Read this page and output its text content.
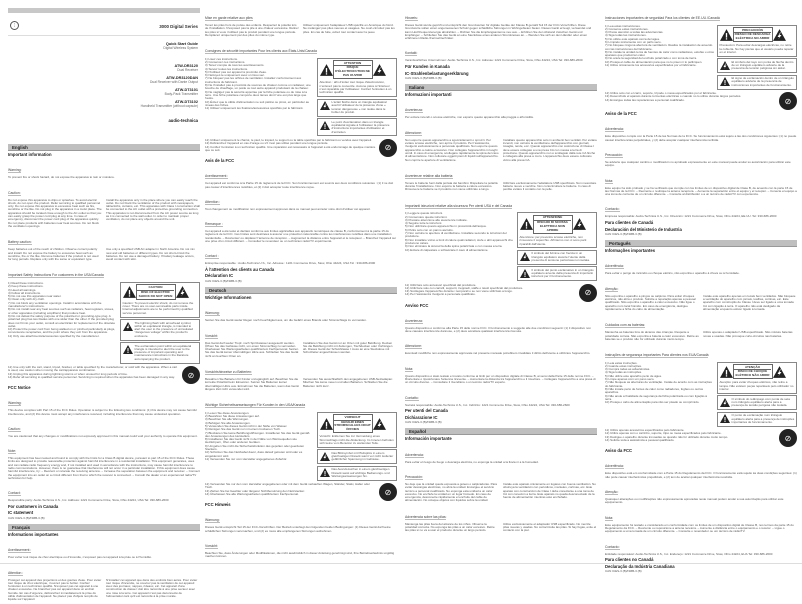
⫶	3000 Digital Series
Quick Start Guide
Digital Wireless System
ATW-DR3120
Dual Receiver
ATW-DR3120DAN
Dual Receiver with Dante Output
ATW-DT3101
Body-Pack Transmitter
ATW-DT3102
Handheld Transmitter (without capsule)
audio-technica
English
Important information
Warning:
To prevent fire or shock hazard, do not expose the apparatus to rain or moisture.
Caution:
Do not expose this apparatus to drips or splashes. To avoid electric shock, do not open the product. Refer servicing to qualified personnel only. Do not expose this apparatus to excessive heat such as fire, sunshine or the like. Do not plug in the apparatus in a moist place. The apparatus should be located close enough to the AC outlet so that you can easily grasp the power cord plug at any time. In case of emergency, disconnect the power cord plug of the apparatus quickly. Do not place products with batteries near heat sources. Do not block the ventilation openings.
Install the apparatus only in the place where you can easily reach the outlet. Do not block the ventilation of the product with newspapers, tablecloths, curtains, etc. This apparatus with Class I construction shall be connected to the AC outlet with a protective grounding connection. This apparatus is not disconnected from the AC power source as long as it is connected to the wall outlet. In order to maintain proper ventilation, do not place any objects around the unit.
Battery caution:
Keep batteries out of the reach of children. Observe correct polarity and install. Do not expose the battery to excessive heat such as sunshine, fire or the like. Remove batteries if the product is not used for long periods. Replace only with the same or equivalent type.
Use only a specified USB AC adapter in North America. Do not mix new and old batteries or different types. Do not short-circuit the batteries. Do not use a damaged battery. If battery leakage occurs, avoid contact with skin.
Important Safety Instructions For customers in the USA/Canada
1) Read these instructions.
2) Keep these instructions.
3) Heed all warnings.
4) Follow all instructions.
5) Do not use this apparatus near water.
6) Clean only with dry cloth.
7) Do not block any ventilation openings. Install in accordance with the manufacturer's instructions.
8) Do not install near any heat sources such as radiators, heat registers, stoves, or other apparatus (including amplifiers) that produce heat.
9) Do not defeat the safety purpose of the polarized or grounding-type plug. A polarized plug has two blades with one wider than the other. If the provided plug does not fit into your outlet, consult an electrician for replacement of the obsolete outlet.
10) Protect the power cord from being walked on or pinched particularly at plugs, convenience receptacles, and the point where they exit from the apparatus.
11) Only use attachments/accessories specified by the manufacturer.
CAUTION
RISK OF ELECTRIC SHOCK DO NOT OPEN
Caution: To prevent electric shock, do not remove the cover. There are no user-serviceable parts inside. Internal adjustments are to be performed by qualified service personnel.
The lightning flash with arrowhead symbol, within an equilateral triangle, is intended to alert the user to the presence of uninsulated "dangerous voltage" within the product's enclosure.
The exclamation point within an equilateral triangle is intended to alert the user to the presence of important operating and maintenance instructions in the literature accompanying the product.
12) Use only with the cart, stand, tripod, bracket, or table specified by the manufacturer, or sold with the apparatus. When a cart is used, use caution when moving the cart/apparatus combination.
13) Unplug this apparatus during lightning storms or when unused for long periods of time.
14) Refer all servicing to qualified service personnel. Servicing is required when the apparatus has been damaged in any way.	⊘
FCC Notice
Warning:
This device complies with Part 15 of the FCC Rules. Operation is subject to the following two conditions: (1) this device may not cause harmful interference, and (2) this device must accept any interference received, including interference that may cause undesired operation.
Caution:
You are cautioned that any changes or modifications not expressly approved in this manual could void your authority to operate this equipment.
Note:
This equipment has been tested and found to comply with the limits for a Class B digital device, pursuant to part 15 of the FCC Rules. These limits are designed to provide reasonable protection against harmful interference in a residential installation. This equipment generates, uses and can radiate radio frequency energy and, if not installed and used in accordance with the instructions, may cause harmful interference to radio communications. However, there is no guarantee that interference will not occur in a particular installation. If this equipment does cause harmful interference, try: – Reorient or relocate the receiving antenna. – Increase the separation between the equipment and receiver. – Connect the equipment into an outlet on a circuit different from that to which the receiver is connected. – Consult the dealer or an experienced radio/TV technician for help.
Contact:
Responsible party: Audio-Technica U.S., Inc. Address: 1221 Commerce Drive, Stow, Ohio 44224, USA Tel: 330-686-2600
For customers in Canada
IC statement
CAN ICES-3 (B)/NMB-3 (B)
Français
Informations importantes
Avertissement :
Pour éviter tout risque de choc électrique ou d'incendie, n'exposez pas cet appareil à la pluie ou à l'humidité.
Attention :
Protégez cet appareil des projections et des gouttes d'eau. Pour éviter tout risque de choc électrique, n'ouvrez pas le boîtier. Confiez l'entretien à un technicien qualifié. N'exposez pas cet appareil à une chaleur excessive. Ne branchez pas cet appareil dans un endroit humide. En cas d'urgence, débranchez immédiatement la prise du câble d'alimentation de l'appareil. Ne placez pas d'objets remplis de liquide sur l'appareil.
N'installez cet appareil que dans des endroits bien aérés. Pour éviter tout risque d'incendie, ne couvrez pas la ventilation de cet appareil avec des journaux, nappes, rideaux, etc. Cet appareil d'une construction de classe I doit être raccordé à une prise secteur avec une mise à la terre. Cet appareil n'est pas déconnecté de l'alimentation tant qu'il est raccordé à la prise murale.
Mise en garde relative aux piles
Tenez les piles hors de portée des enfants. Respectez la polarité lors de l'installation. N'exposez pas la pile à une chaleur excessive. Retirez les piles si vous n'utilisez pas le produit pendant une longue période. Remplacez uniquement par des piles du même type.
Utilisez uniquement l'adaptateur USB spécifié en Amérique du Nord. Ne mélangez pas piles neuves et usagées. Ne court-circuitez pas les piles. En cas de fuite, évitez tout contact avec la peau.
Consignes de sécurité importantes Pour les clients aux États-Unis/Canada
1) Lisez ces instructions.
2) Conservez ces instructions.
3) Tenez compte de tous les avertissements.
4) Suivez toutes les instructions.
5) N'utilisez pas cet appareil à proximité d'eau.
6) Nettoyez-le uniquement avec un tissu sec.
7) Ne bloquez pas les orifices de ventilation. Installez conformément aux instructions du fabricant.
8) Ne l'installez pas à proximité de sources de chaleur comme un radiateur, une bouche de chauffage, un poêle ou tout autre appareil produisant de la chaleur.
9) Ne négligez pas la sécurité apportée par la fiche polarisée ou de mise à la terre. Une fiche polarisée comporte deux lames dont l'une est plus large que l'autre.
10) Évitez que le câble d'alimentation ne soit piétiné ou pincé, en particulier au niveau des fiches.
11) Utilisez uniquement les fixations/accessoires spécifiés par le fabricant.
ATTENTION
RISQUE D'ÉLECTROCUTION NE PAS OUVRIR
Attention : afin d'éviter tout risque d'électrocution, n'enlevez pas le couvercle. Aucune pièce à l'intérieur n'est réparable par l'utilisateur. Confiez l'entretien à un technicien qualifié.
L'éclair fléché dans un triangle équilatéral avertit l'utilisateur de la présence d'une « tension dangereuse » non isolée dans le boîtier du produit.
Le point d'exclamation dans un triangle équilatéral signale à l'utilisateur la présence d'instructions importantes d'utilisation et d'entretien.
12) Utilisez uniquement le chariot, le pied, le trépied, le support ou la table spécifiés par le fabricant ou vendus avec l'appareil.
13) Débranchez l'appareil en cas d'orage ou s'il n'est pas utilisé pendant une longue période.
14) Confiez l'entretien à un technicien qualifié. Une réparation est nécessaire si l'appareil a été endommagé de quelque manière que ce soit.	⊘
Avis de la FCC
Avertissement :
Cet appareil est conforme à la Partie 15 du règlement de la FCC. Son fonctionnement est soumis aux deux conditions suivantes : (1) il ne doit pas causer d'interférences nuisibles, et (2) il doit accepter toute interférence reçue.
Attention :
Tout changement ou modification non expressément approuvé dans ce manuel peut annuler votre droit d'utiliser cet appareil.
Remarque :
Cet appareil a été testé et déclaré conforme aux limites applicables aux appareils numériques de classe B, conformément à la partie 15 du règlement de la FCC. Ces limites sont destinées à assurer une protection raisonnable contre les interférences nuisibles dans une installation résidentielle. – Réorientez ou déplacez l'antenne de réception. – Augmentez la distance entre l'appareil et le récepteur. – Branchez l'appareil sur une prise d'un circuit différent. – Consultez le revendeur ou un technicien radio/TV expérimenté.
Contact :
Entreprise responsable : Audio-Technica U.S., Inc. Adresse : 1221 Commerce Drive, Stow, Ohio 44224, USA Tél : 330-686-2600
À l'attention des clients au Canada
Déclaration IC
CAN ICES-3 (B)/NMB-3 (B)
Deutsch
Wichtige Informationen
Warnung:
Setzen Sie das Gerät weder Regen noch Feuchtigkeit aus, um die Gefahr eines Brands oder Stromschlags zu vermeiden.
Vorsicht:
Das Gerät darf weder Tropf- noch Spritzwasser ausgesetzt werden. Öffnen Sie das Gehäuse nicht, um einen Stromschlag zu vermeiden. Überlassen Sie Wartungsarbeiten qualifiziertem Fachpersonal. Setzen Sie das Gerät keiner übermäßigen Hitze aus. Schließen Sie das Gerät nicht an feuchten Orten an.
Installieren Sie das Gerät nur an Orten mit guter Belüftung. Decken Sie die Belüftung nicht mit Zeitungen, Tischdecken oder Vorhängen ab. Dieses Gerät der Schutzklasse I muss an eine Steckdose mit Schutzleiter angeschlossen werden.
Vorsichtshinweise zu Batterien:
Bewahren Sie Batterien für Kinder unzugänglich auf. Beachten Sie die korrekte Polarität beim Einsetzen. Setzen Sie Batterien keiner übermäßigen Hitze aus. Entnehmen Sie die Batterien, wenn das Gerät längere Zeit nicht verwendet wird.
Verwenden Sie ausschließlich den angegebenen USB-Netzadapter. Mischen Sie keine neuen und alten Batterien. Schließen Sie die Batterien nicht kurz.
Wichtige Sicherheitsanweisungen Für Kunden in den USA/Kanada
1) Lesen Sie diese Anweisungen.
2) Bewahren Sie diese Anweisungen auf.
3) Beachten Sie alle Warnungen.
4) Befolgen Sie alle Anweisungen.
5) Verwenden Sie dieses Gerät nicht in der Nähe von Wasser.
6) Reinigen Sie das Gerät nur mit einem trockenen Tuch.
7) Blockieren Sie keine Belüftungsöffnungen. Installieren Sie das Gerät gemäß den Anweisungen des Herstellers.
8) Installieren Sie das Gerät nicht in der Nähe von Wärmequellen wie Heizkörpern, Öfen oder anderen Geräten.
9) Umgehen Sie nicht die Sicherheitsfunktion des gepolten oder geerdeten Steckers.
10) Schützen Sie das Netzkabel davor, dass darauf getreten wird oder es eingeklemmt wird.
11) Verwenden Sie nur vom Hersteller angegebenes Zubehör.
VORSICHT
GEFAHR EINES STROMSCHLAGS NICHT ÖFFNEN
Vorsicht: Entfernen Sie zur Vermeidung eines Stromschlags nicht die Abdeckung. Im Inneren befinden sich keine vom Benutzer zu wartenden Teile.
Das Blitzsymbol mit Pfeilspitze in einem gleichseitigen Dreieck warnt vor nicht isolierter gefährlicher Spannung im Gehäuse.
Das Ausrufezeichen in einem gleichseitigen Dreieck weist auf wichtige Bedienungs- und Wartungsanweisungen hin.
12) Verwenden Sie nur den vom Hersteller angegebenen oder mit dem Gerät verkauften Wagen, Ständer, Stativ, Halter oder Tisch.
13) Ziehen Sie bei Gewitter oder längerer Nichtbenutzung den Netzstecker.
14) Überlassen Sie alle Wartungsarbeiten qualifiziertem Fachpersonal.	⊘
FCC Hinweis
Warnung:
Dieses Gerät entspricht Teil 15 der FCC-Vorschriften. Der Betrieb unterliegt den folgenden beiden Bedingungen: (1) Dieses Gerät darf keine schädlichen Störungen verursachen, und (2) es muss alle empfangenen Störungen aufnehmen.
Vorsicht:
Beachten Sie, dass Änderungen oder Modifikationen, die nicht ausdrücklich in dieser Anleitung genehmigt sind, Ihre Betriebserlaubnis ungültig machen können.
Hinweis:
Dieses Gerät wurde geprüft und entspricht den Grenzwerten für digitale Geräte der Klasse B gemäß Teil 15 der FCC-Vorschriften. Diese Grenzwerte sollen einen angemessenen Schutz gegen schädliche Störungen in Wohngebieten bieten. Dieses Gerät erzeugt, verwendet und kann Hochfrequenzenergie abstrahlen. – Richten Sie die Empfangsantenne neu aus. – Erhöhen Sie den Abstand zwischen Gerät und Empfänger. – Schließen Sie das Gerät an eine Steckdose eines anderen Stromkreises an. – Wenden Sie sich an den Händler oder einen erfahrenen Radio-/Fernsehtechniker.
Kontakt:
Verantwortliches Unternehmen: Audio-Technica U.S., Inc. Adresse: 1221 Commerce Drive, Stow, Ohio 44224, USA Tel: 330-686-2600
Für Kunden in Kanada
IC-Strahlenbelastungserklärung
CAN ICES-3 (B)/NMB-3 (B)
Italiano
Informazioni importanti
Avvertenza:
Per evitare incendi o scosse elettriche, non esporre questo apparecchio alla pioggia o all'umidità.
Attenzione:
Non esporre questo apparecchio a sgocciolamenti o spruzzi. Per evitare scosse elettriche, non aprire il prodotto. Per l'assistenza, rivolgersi esclusivamente a personale qualificato. Non esporre questo apparecchio a calore eccessivo. Non collegare l'apparecchio in luoghi umidi. In caso di emergenza, scollegare rapidamente la spina del cavo di alimentazione. Non collocare oggetti pieni di liquidi sull'apparecchio. Non coprire le aperture di ventilazione.
Installare questo apparecchio solo in ambienti ben ventilati. Per evitare incendi, non ostruire la ventilazione dell'apparecchio con giornali, tovaglie, tende, ecc. Questo apparecchio con costruzione di Classe I deve essere collegato a una presa CA con messa a terra di protezione. Questo apparecchio non è scollegato dalla rete CA finché è collegato alla presa a muro. L'apparecchio deve essere collocato vicino alla presa CA.
Avvertenze relative alla batteria:
Tenere le batterie fuori dalla portata dei bambini. Rispettare la polarità durante l'installazione. Non esporre la batteria a calore eccessivo. Rimuovere le batterie se il prodotto non viene utilizzato a lungo.
Utilizzare esclusivamente l'adattatore USB specificato. Non mescolare batterie nuove e vecchie. Non cortocircuitare le batterie. In caso di perdite evitare il contatto con la pelle.
Importanti istruzioni relative alla sicurezza Per utenti USA e del Canada
1) Leggere queste istruzioni.
2) Conservare queste istruzioni.
3) Prestare attenzione alle avvertenze indicate.
4) Seguire tutte le istruzioni.
5) Non utilizzare questo apparecchio in prossimità dell'acqua.
6) Pulire solo con un panno asciutto.
7) Non ostruire le aperture di ventilazione. Installare secondo le istruzioni del produttore.
8) Non installare vicino a fonti di calore quali radiatori, stufe o altri apparecchi che producono calore.
9) Non eliminare la sicurezza della spina polarizzata o con messa a terra.
10) Evitare di calpestare o schiacciare il cavo di alimentazione.
ATTENZIONE
RISCHIO DI SCOSSA ELETTRICA NON APRIRE
Attenzione: per prevenire scosse elettriche, non rimuovere il coperchio. All'interno non vi sono parti riparabili dall'utente.
Il simbolo del fulmine con freccia in un triangolo equilatero avverte l'utente della presenza di tensione pericolosa non isolata.
Il simbolo del punto esclamativo in un triangolo equilatero avverte della presenza di importanti istruzioni per il funzionamento.
11) Utilizzare solo accessori specificati dal produttore.
12) Utilizzare solo con carrelli, supporti, treppiedi, staffe o tavoli specificati dal produttore.
13) Scollegare l'apparecchio durante i temporali o se non viene utilizzato a lungo.
14) Per l'assistenza rivolgersi a personale qualificato.	⊘
Avviso FCC
Avvertenza:
Questo dispositivo è conforme alla Parte 15 delle norme FCC. Il funzionamento è soggetto alle due condizioni seguenti: (1) il dispositivo non deve causare interferenze dannose, e (2) deve accettare qualsiasi interferenza ricevuta.
Attenzione:
Eventuali modifiche non espressamente approvate nel presente manuale potrebbero invalidare il diritto dell'utente a utilizzare l'apparecchio.
Nota:
Questo dispositivo è stato testato e trovato conforme ai limiti per un dispositivo digitale di Classe B, ai sensi della Parte 15 delle norme FCC. – Riorientare o riposizionare l'antenna ricevente. – Aumentare la distanza tra l'apparecchio e il ricevitore. – Collegare l'apparecchio a una presa di un circuito diverso. – Consultare il rivenditore o un tecnico radio/TV esperto.
Contatto:
Società responsabile: Audio-Technica U.S., Inc. Indirizzo: 1221 Commerce Drive, Stow, Ohio 44224, USA Tel: 330-686-2600
Per utenti del Canada
Dichiarazione IC
CAN ICES-3 (B)/NMB-3 (B)
Español
Información importante
Advertencia:
Para evitar el riesgo de fuego o descarga eléctrica, no exponga la unidad a la lluvia ni a la humedad.
Precaución:
No deje que la unidad quede expuesta a goteos o salpicaduras. Para evitar descargas eléctricas, no abra la unidad. Encargue el servicio técnico a personal cualificado. No exponga esta unidad a un calor excesivo. No enchufe la unidad en un lugar húmedo. En caso de emergencia, desconecte rápidamente el enchufe del cable de alimentación. No coloque objetos con líquidos sobre la unidad.
Instale este aparato únicamente en lugares con buena ventilación. No obstruya la ventilación con periódicos, manteles, cortinas, etc. Este aparato con construcción de Clase I debe conectarse a una toma de CA con conexión a tierra. Este aparato no queda desconectado de la fuente de alimentación mientras esté enchufado.
Advertencia sobre las pilas:
Mantenga las pilas fuera del alcance de los niños. Observe la polaridad correcta. No exponga las pilas a un calor excesivo. Retire las pilas si no va a usar el producto durante un largo periodo.
Utilice exclusivamente el adaptador USB especificado. No mezcle pilas nuevas y usadas. No cortocircuite las pilas. Si hay fugas, evite el contacto con la piel.
Instrucciones importantes de seguridad Para los clientes de EE.UU./Canadá
1) Lea estas instrucciones.
2) Conserve estas instrucciones.
3) Preste atención a todas las advertencias.
4) Siga todas las instrucciones.
5) No utilice este aparato cerca del agua.
6) Límpielo únicamente con un paño seco.
7) No bloquee ninguna abertura de ventilación. Realice la instalación de acuerdo con las instrucciones del fabricante.
8) No instale la unidad cerca de fuentes de calor como radiadores, estufas u otros aparatos que produzcan calor.
9) No anule la seguridad del enchufe polarizado o con toma de tierra.
10) Proteja el cable de alimentación para que no lo pisen ni lo pellizquen.
11) Utilice únicamente los accesorios especificados por el fabricante.
PRECAUCIÓN
RIESGO DE DESCARGA ELÉCTRICA NO ABRIR
Precaución: Para evitar descargas eléctricas, no retire la cubierta. No hay piezas que el usuario pueda reparar en el interior.
El símbolo del rayo con punta de flecha dentro de un triángulo equilátero advierte de la presencia de tensión peligrosa sin aislar.
El signo de exclamación dentro de un triángulo equilátero advierte de la presencia de instrucciones importantes de funcionamiento.
12) Utilice solo con el carro, soporte, trípode o mesa especificados por el fabricante.
13) Desenchufe el aparato durante tormentas eléctricas o cuando no lo utilice durante largos periodos.
14) Encargue todas las reparaciones a personal cualificado.	⊘
Aviso de la FCC
Advertencia:
Este dispositivo cumple con la Parte 15 de las Normas de la FCC. Su funcionamiento está sujeto a las dos condiciones siguientes: (1) no puede causar interferencias perjudiciales, y (2) debe aceptar cualquier interferencia recibida.
Precaución:
Se advierte que cualquier cambio o modificación no aprobado expresamente en este manual puede anular su autorización para utilizar este equipo.
Nota:
Este equipo ha sido probado y se ha verificado que cumple con los límites de un dispositivo digital de Clase B, de acuerdo con la parte 15 de las Normas de la FCC. – Reoriente o reubique la antena receptora. – Aumente la separación entre el equipo y el receptor. – Conecte el equipo a una toma de corriente de un circuito diferente. – Consulte al distribuidor o a un técnico de radio/TV con experiencia.
Contacto:
Empresa responsable: Audio-Technica U.S., Inc. Dirección: 1221 Commerce Drive, Stow, Ohio 44224, EE.UU. Tel: 330-686-2600
Para clientes de Canadá
Declaración del Ministerio de Industria
CAN ICES-3 (B)/NMB-3 (B)
Português
Informações importantes
Advertência:
Para evitar o perigo de incêndio ou choque elétrico, não exponha o aparelho à chuva ou à humidade.
Atenção:
Não exponha o aparelho a pingos ou salpicos. Para evitar choques elétricos, não abra o produto. Solicite a reparação apenas a pessoal qualificado. Não exponha o aparelho a calor excessivo. Não ligue o aparelho num local húmido. Em caso de emergência, desligue rapidamente a ficha do cabo de alimentação.
Instale este aparelho apenas em locais bem ventilados. Não bloqueie a ventilação do aparelho com jornais, toalhas, cortinas, etc. Este aparelho com construção de Classe I deve ser ligado a uma tomada CA com ligação à terra. O aparelho não está desligado da alimentação enquanto estiver ligado à tomada.
Cuidados com as baterias:
Mantenha as baterias fora do alcance das crianças. Respeite a polaridade correta. Não exponha a bateria a calor excessivo. Retire as baterias se o produto não for utilizado durante muito tempo.
Utilize apenas o adaptador USB especificado. Não misture baterias novas e usadas. Não provoque curto-circuitos nas baterias.
Instruções de segurança importantes Para clientes nos EUA/Canadá
1) Leia estas instruções.
2) Guarde estas instruções.
3) Cumpra todas as advertências.
4) Siga todas as instruções.
5) Não utilize este aparelho perto de água.
6) Limpe apenas com um pano seco.
7) Não bloqueie as aberturas de ventilação. Instale de acordo com as instruções do fabricante.
8) Não instale perto de fontes de calor como radiadores, fogões ou outros aparelhos.
9) Não anule a finalidade de segurança da ficha polarizada ou com ligação à terra.
10) Proteja o cabo de alimentação para não ser pisado ou comprimido.
ATENÇÃO
RISCO DE CHOQUE ELÉTRICO NÃO ABRIR
Atenção: para evitar choques elétricos, não retire a tampa. Não existem peças reparáveis pelo utilizador no interior.
O símbolo do relâmpago com ponta de seta num triângulo equilátero alerta para a presença de tensão perigosa não isolada.
O ponto de exclamação num triângulo equilátero alerta para a presença de instruções importantes de funcionamento.
11) Utilize apenas acessórios especificados pelo fabricante.
12) Utilize apenas com o carrinho, suporte, tripé ou mesa especificados pelo fabricante.
13) Desligue o aparelho durante trovoadas ou quando não for utilizado durante muito tempo.
14) Solicite toda a assistência a pessoal qualificado.	⊘
Aviso da FCC
Advertência:
Este dispositivo está em conformidade com a Parte 15 do Regulamento da FCC. O funcionamento está sujeito às duas condições seguintes: (1) não pode causar interferências prejudiciais, e (2) tem de aceitar qualquer interferência recebida.
Atenção:
Quaisquer alterações ou modificações não expressamente aprovadas neste manual podem anular a sua autorização para utilizar este equipamento.
Nota:
Este equipamento foi testado e considerado em conformidade com os limites de um dispositivo digital de Classe B, nos termos da parte 15 do Regulamento da FCC. – Reoriente ou reposicione a antena recetora. – Aumente a distância entre o equipamento e o recetor. – Ligue o equipamento a uma tomada de um circuito diferente. – Consulte o revendedor ou um técnico de rádio/TV.
Contacto:
Entidade responsável: Audio-Technica U.S., Inc. Endereço: 1221 Commerce Drive, Stow, Ohio 44224, EUA Tel: 330-686-2600
Para clientes no Canadá
Declaração da Indústria Canadiana
CAN ICES-3 (B)/NMB-3 (B)
